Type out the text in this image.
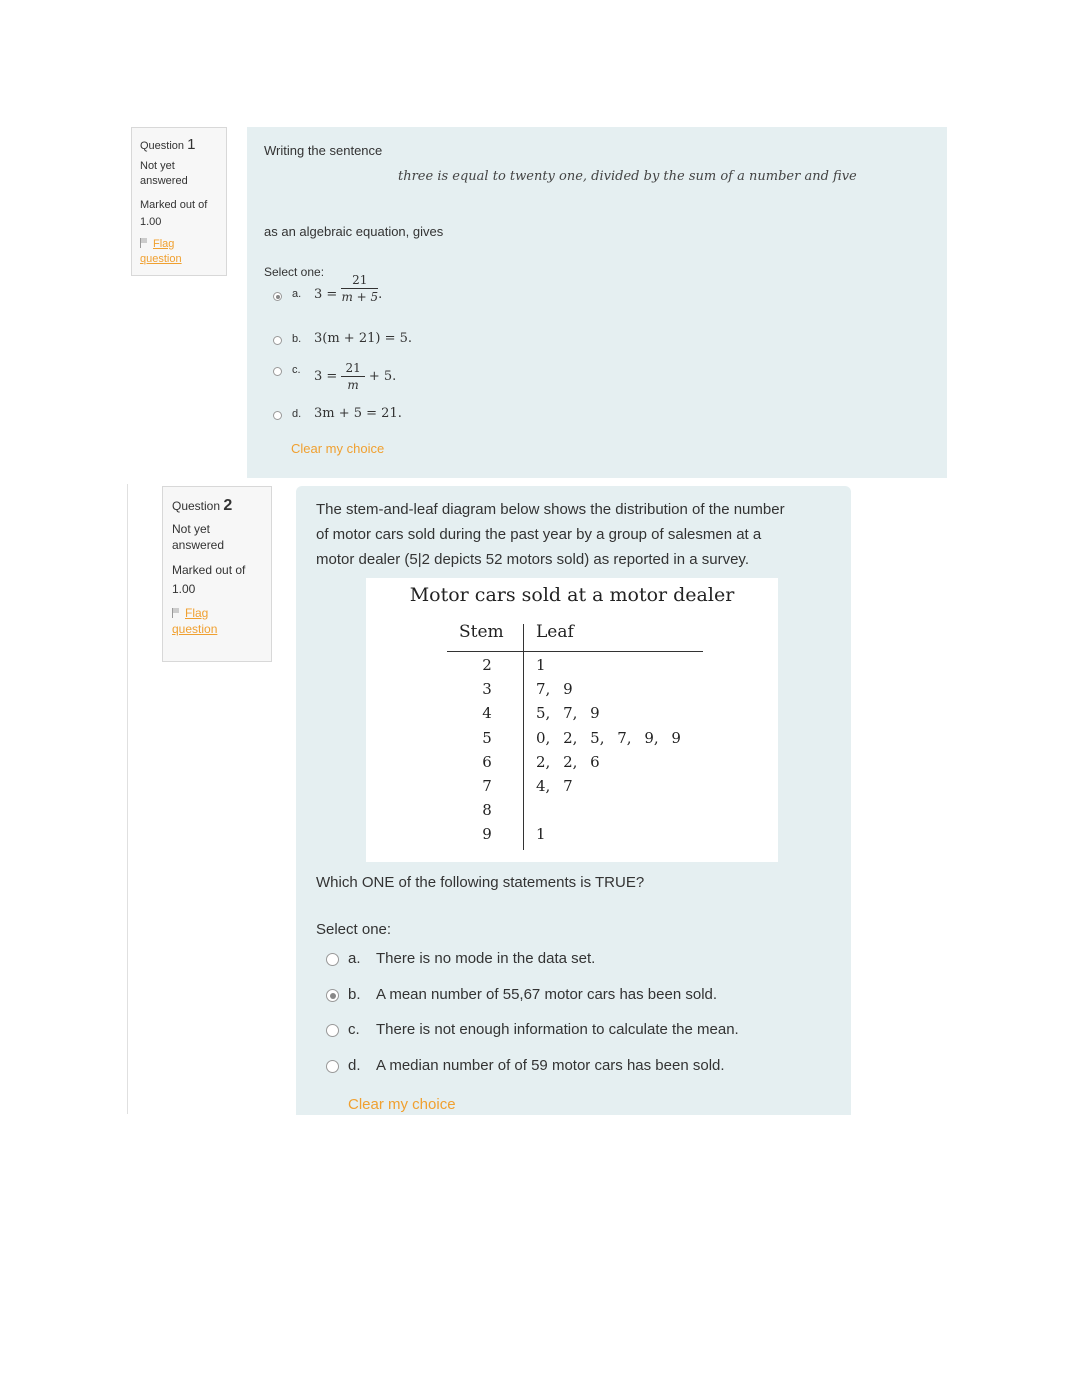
Question 1
Not yet answered
Marked out of 1.00
Flag question
Writing the sentence
three is equal to twenty one, divided by the sum of a number and five
as an algebraic equation, gives
Select one:
a. $3 = \frac{21}{m + 5}$ .
b. 3(m + 21) = 5.
c. $3 = \frac{21}{m} + 5$.
d. 3m + 5 = 21.
Clear my choice
Question 2
Not yet answered
Marked out of 1.00
Flag question
The stem-and-leaf diagram below shows the distribution of the number
of motor cars sold during the past year by a group of salesmen at a
motor dealer (5|2 depicts 52 motors sold) as reported in a survey.
Motor cars sold at a motor dealer
Stem Leaf
2	1
3	7, 9
4	5, 7, 9
5	0, 2, 5, 7, 9, 9
6	2, 2, 6
7	4, 7
8
9	1
Which ONE of the following statements is TRUE?
Select one:
a. There is no mode in the data set.
b. A mean number of 55,67 motor cars has been sold.
c. There is not enough information to calculate the mean.
d. A median number of of 59 motor cars has been sold.
Clear my choice
